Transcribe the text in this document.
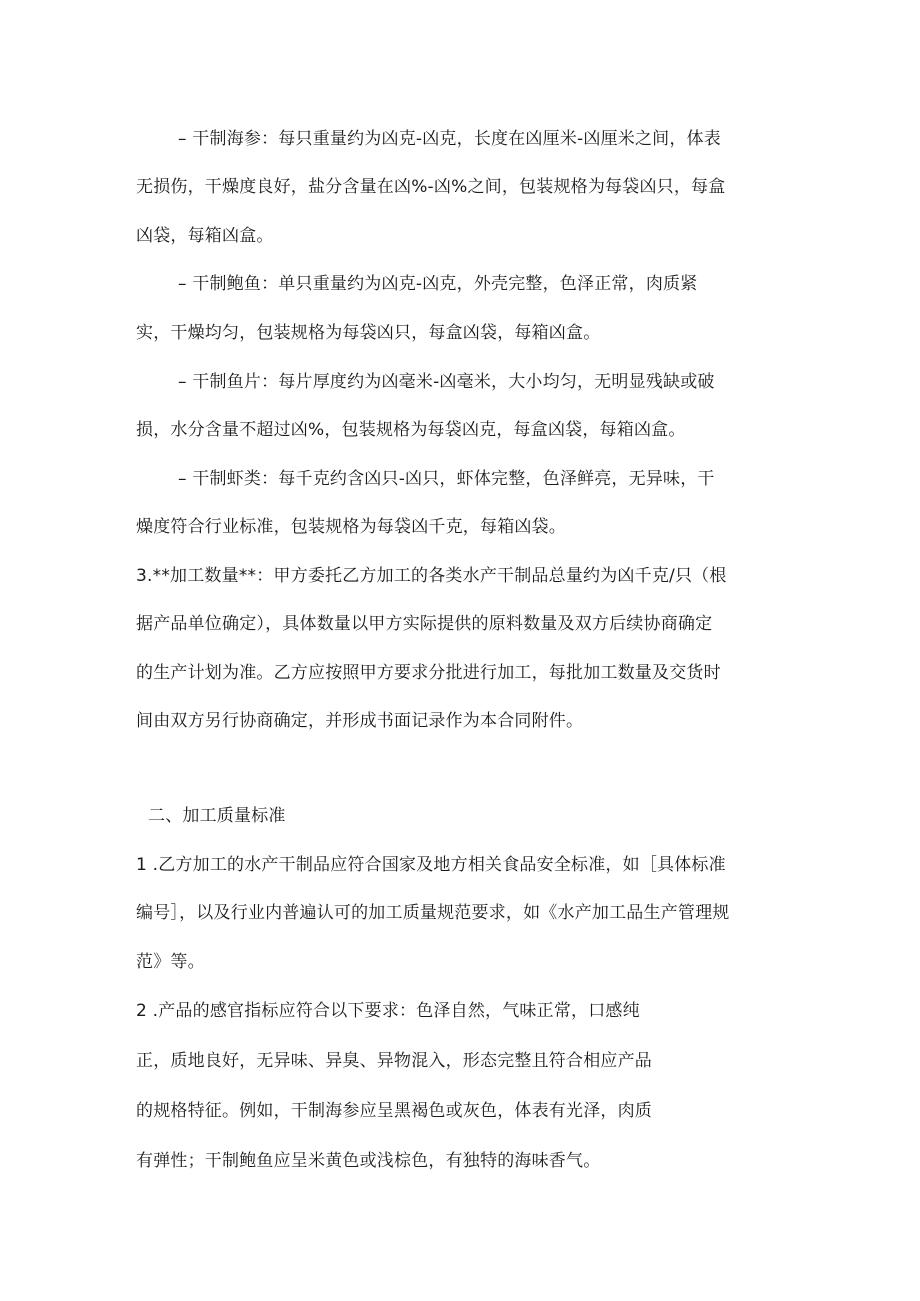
– 干制海参：每只重量约为凶克-凶克，长度在凶厘米-凶厘米之间，体表
无损伤，干燥度良好，盐分含量在凶%-凶%之间，包装规格为每袋凶只，每盒
凶袋，每箱凶盒。
– 干制鲍鱼：单只重量约为凶克-凶克，外壳完整，色泽正常，肉质紧
实，干燥均匀，包装规格为每袋凶只，每盒凶袋，每箱凶盒。
– 干制鱼片：每片厚度约为凶毫米-凶毫米，大小均匀，无明显残缺或破
损，水分含量不超过凶%，包装规格为每袋凶克，每盒凶袋，每箱凶盒。
– 干制虾类：每千克约含凶只-凶只，虾体完整，色泽鲜亮，无异味，干
燥度符合行业标准，包装规格为每袋凶千克，每箱凶袋。
3.**加工数量**：甲方委托乙方加工的各类水产干制品总量约为凶千克/只（根
据产品单位确定），具体数量以甲方实际提供的原料数量及双方后续协商确定
的生产计划为准。乙方应按照甲方要求分批进行加工，每批加工数量及交货时
间由双方另行协商确定，并形成书面记录作为本合同附件。
二、加工质量标准
1 .乙方加工的水产干制品应符合国家及地方相关食品安全标准，如［具体标准
编号］，以及行业内普遍认可的加工质量规范要求，如《水产加工品生产管理规
范》等。
2 .产品的感官指标应符合以下要求：色泽自然，气味正常，口感纯
正，质地良好，无异味、异臭、异物混入，形态完整且符合相应产品
的规格特征。例如，干制海参应呈黑褐色或灰色，体表有光泽，肉质
有弹性；干制鲍鱼应呈米黄色或浅棕色，有独特的海味香气。
